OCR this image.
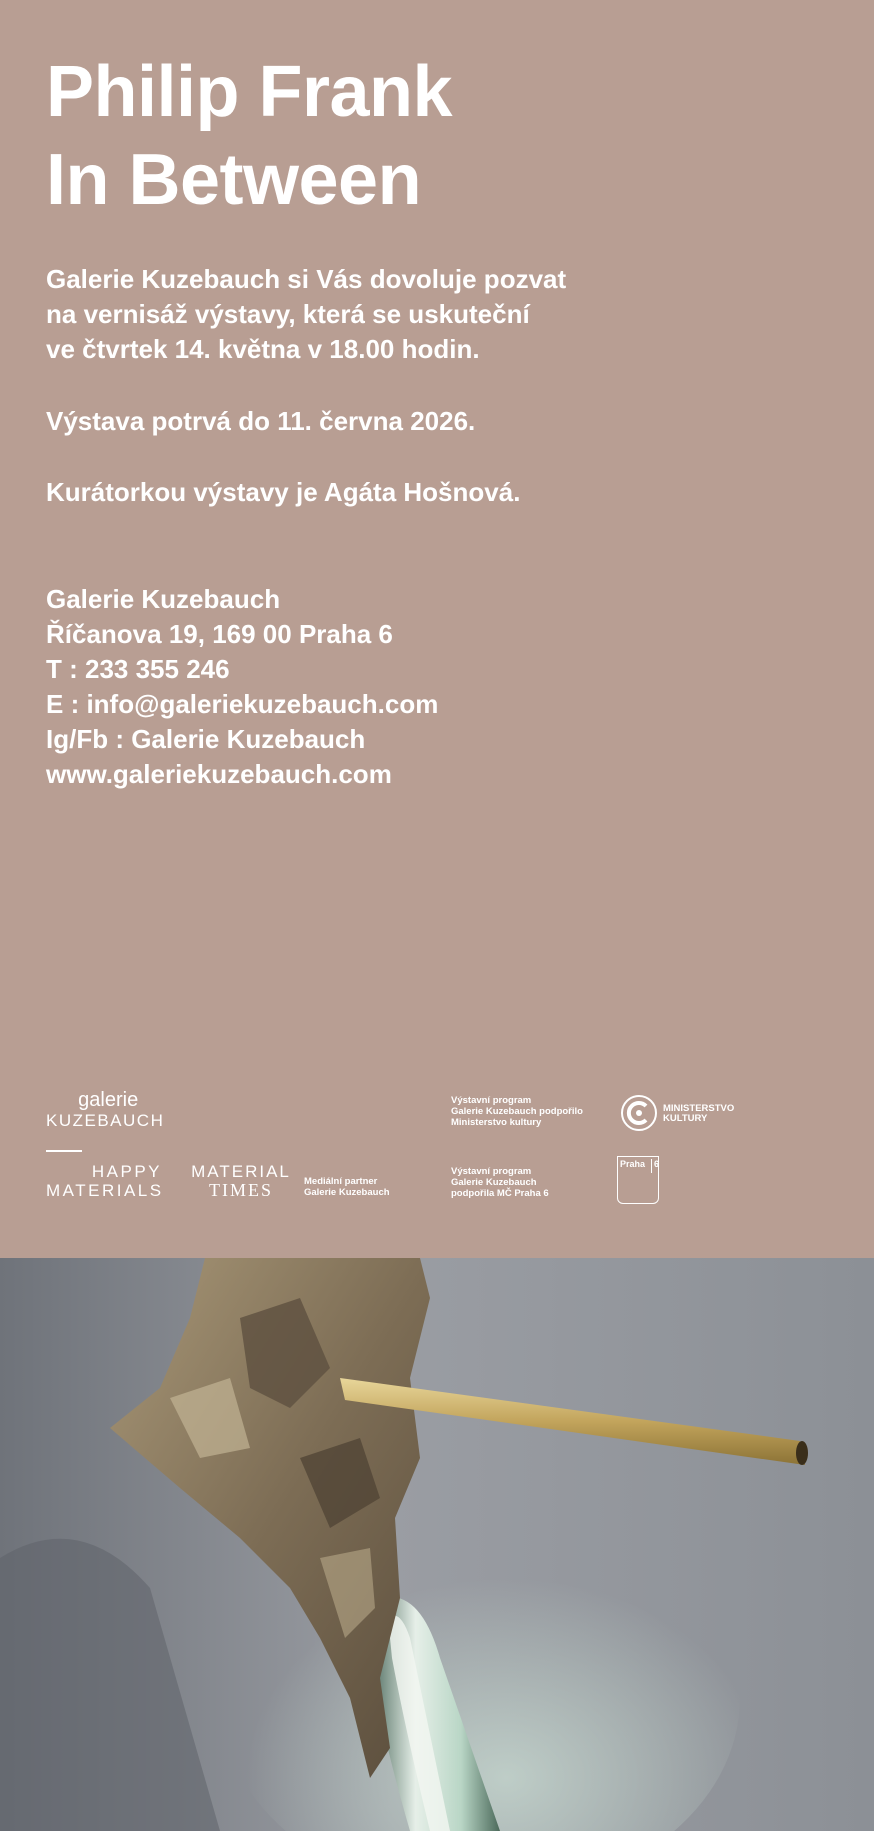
Philip Frank
In Between

Galerie Kuzebauch si Vás dovoluje pozvat
na vernisáž výstavy, která se uskuteční
ve čtvrtek 14. května v 18.00 hodin.

Výstava potrvá do 11. června 2026.

Kurátorkou výstavy je Agáta Hošnová.

Galerie Kuzebauch
Říčanova 19, 169 00 Praha 6
T : 233 355 246
E : info@galeriekuzebauch.com
Ig/Fb : Galerie Kuzebauch
www.galeriekuzebauch.com

galerie
KUZEBAUCH
HAPPY
MATERIALS
MATERIAL
TIMES	Mediální partner
Galerie Kuzebauch
Výstavní program
Galerie Kuzebauch podpořilo
Ministerstvo kultury
MINISTERSTVO
KULTURY
Výstavní program
Galerie Kuzebauch
podpořila MČ Praha 6
Praha 6
